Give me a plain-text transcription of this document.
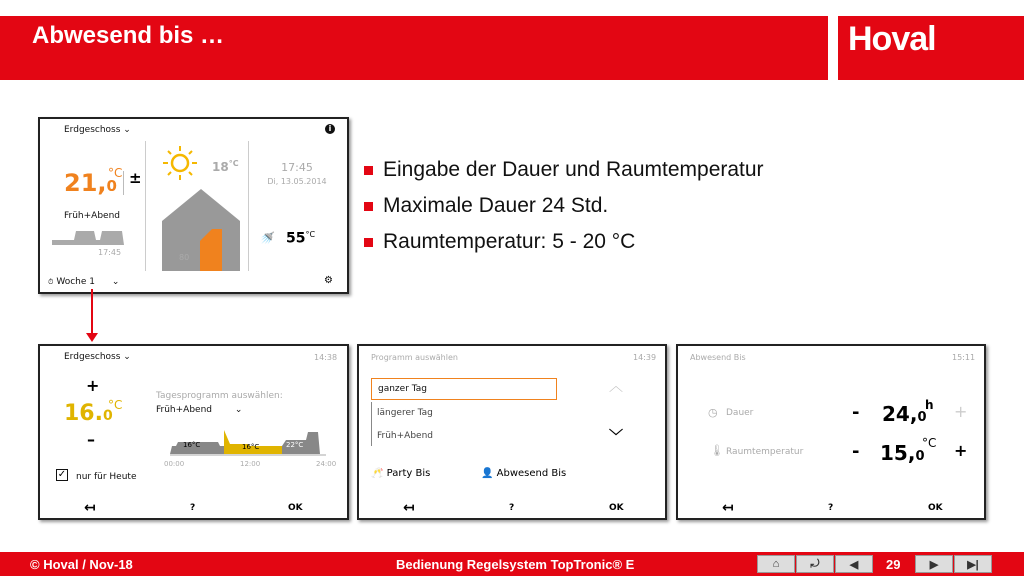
Abwesend bis …	Hoval
Erdgeschoss ⌄	i
21,0
°C ±
Früh+Abend
17:45
$18^{^\circ C}$
80
17:45
Di, 13.05.2014
🚿 $55^{^\circ C}$
⏱ Woche 1 ⌄	⚙
Eingabe der Dauer und Raumtemperatur
Maximale Dauer 24 Std.
Raumtemperatur: 5 - 20 °C
Erdgeschoss ⌄	14:38
+
16.0
°C
–
✓ nur für Heute
Tagesprogramm auswählen:
Früh+Abend	⌄
16°C	16°C	22°C
00:00	12:00	24:00
↤	?	OK
Programm auswählen	14:39
ganzer Tag
längerer Tag
Früh+Abend
︿
﹀
🥂 Party Bis	👤 Abwesend Bis
↤	?	OK
Abwesend Bis	15:11
◷ Dauer	- 24,0
h +
🌡 Raumtemperatur	- 15,0
°C +
↤	?	OK
© Hoval / Nov-18	Bedienung Regelsystem TopTronic® E	⌂	⤾	◀ 29	▶	▶|
